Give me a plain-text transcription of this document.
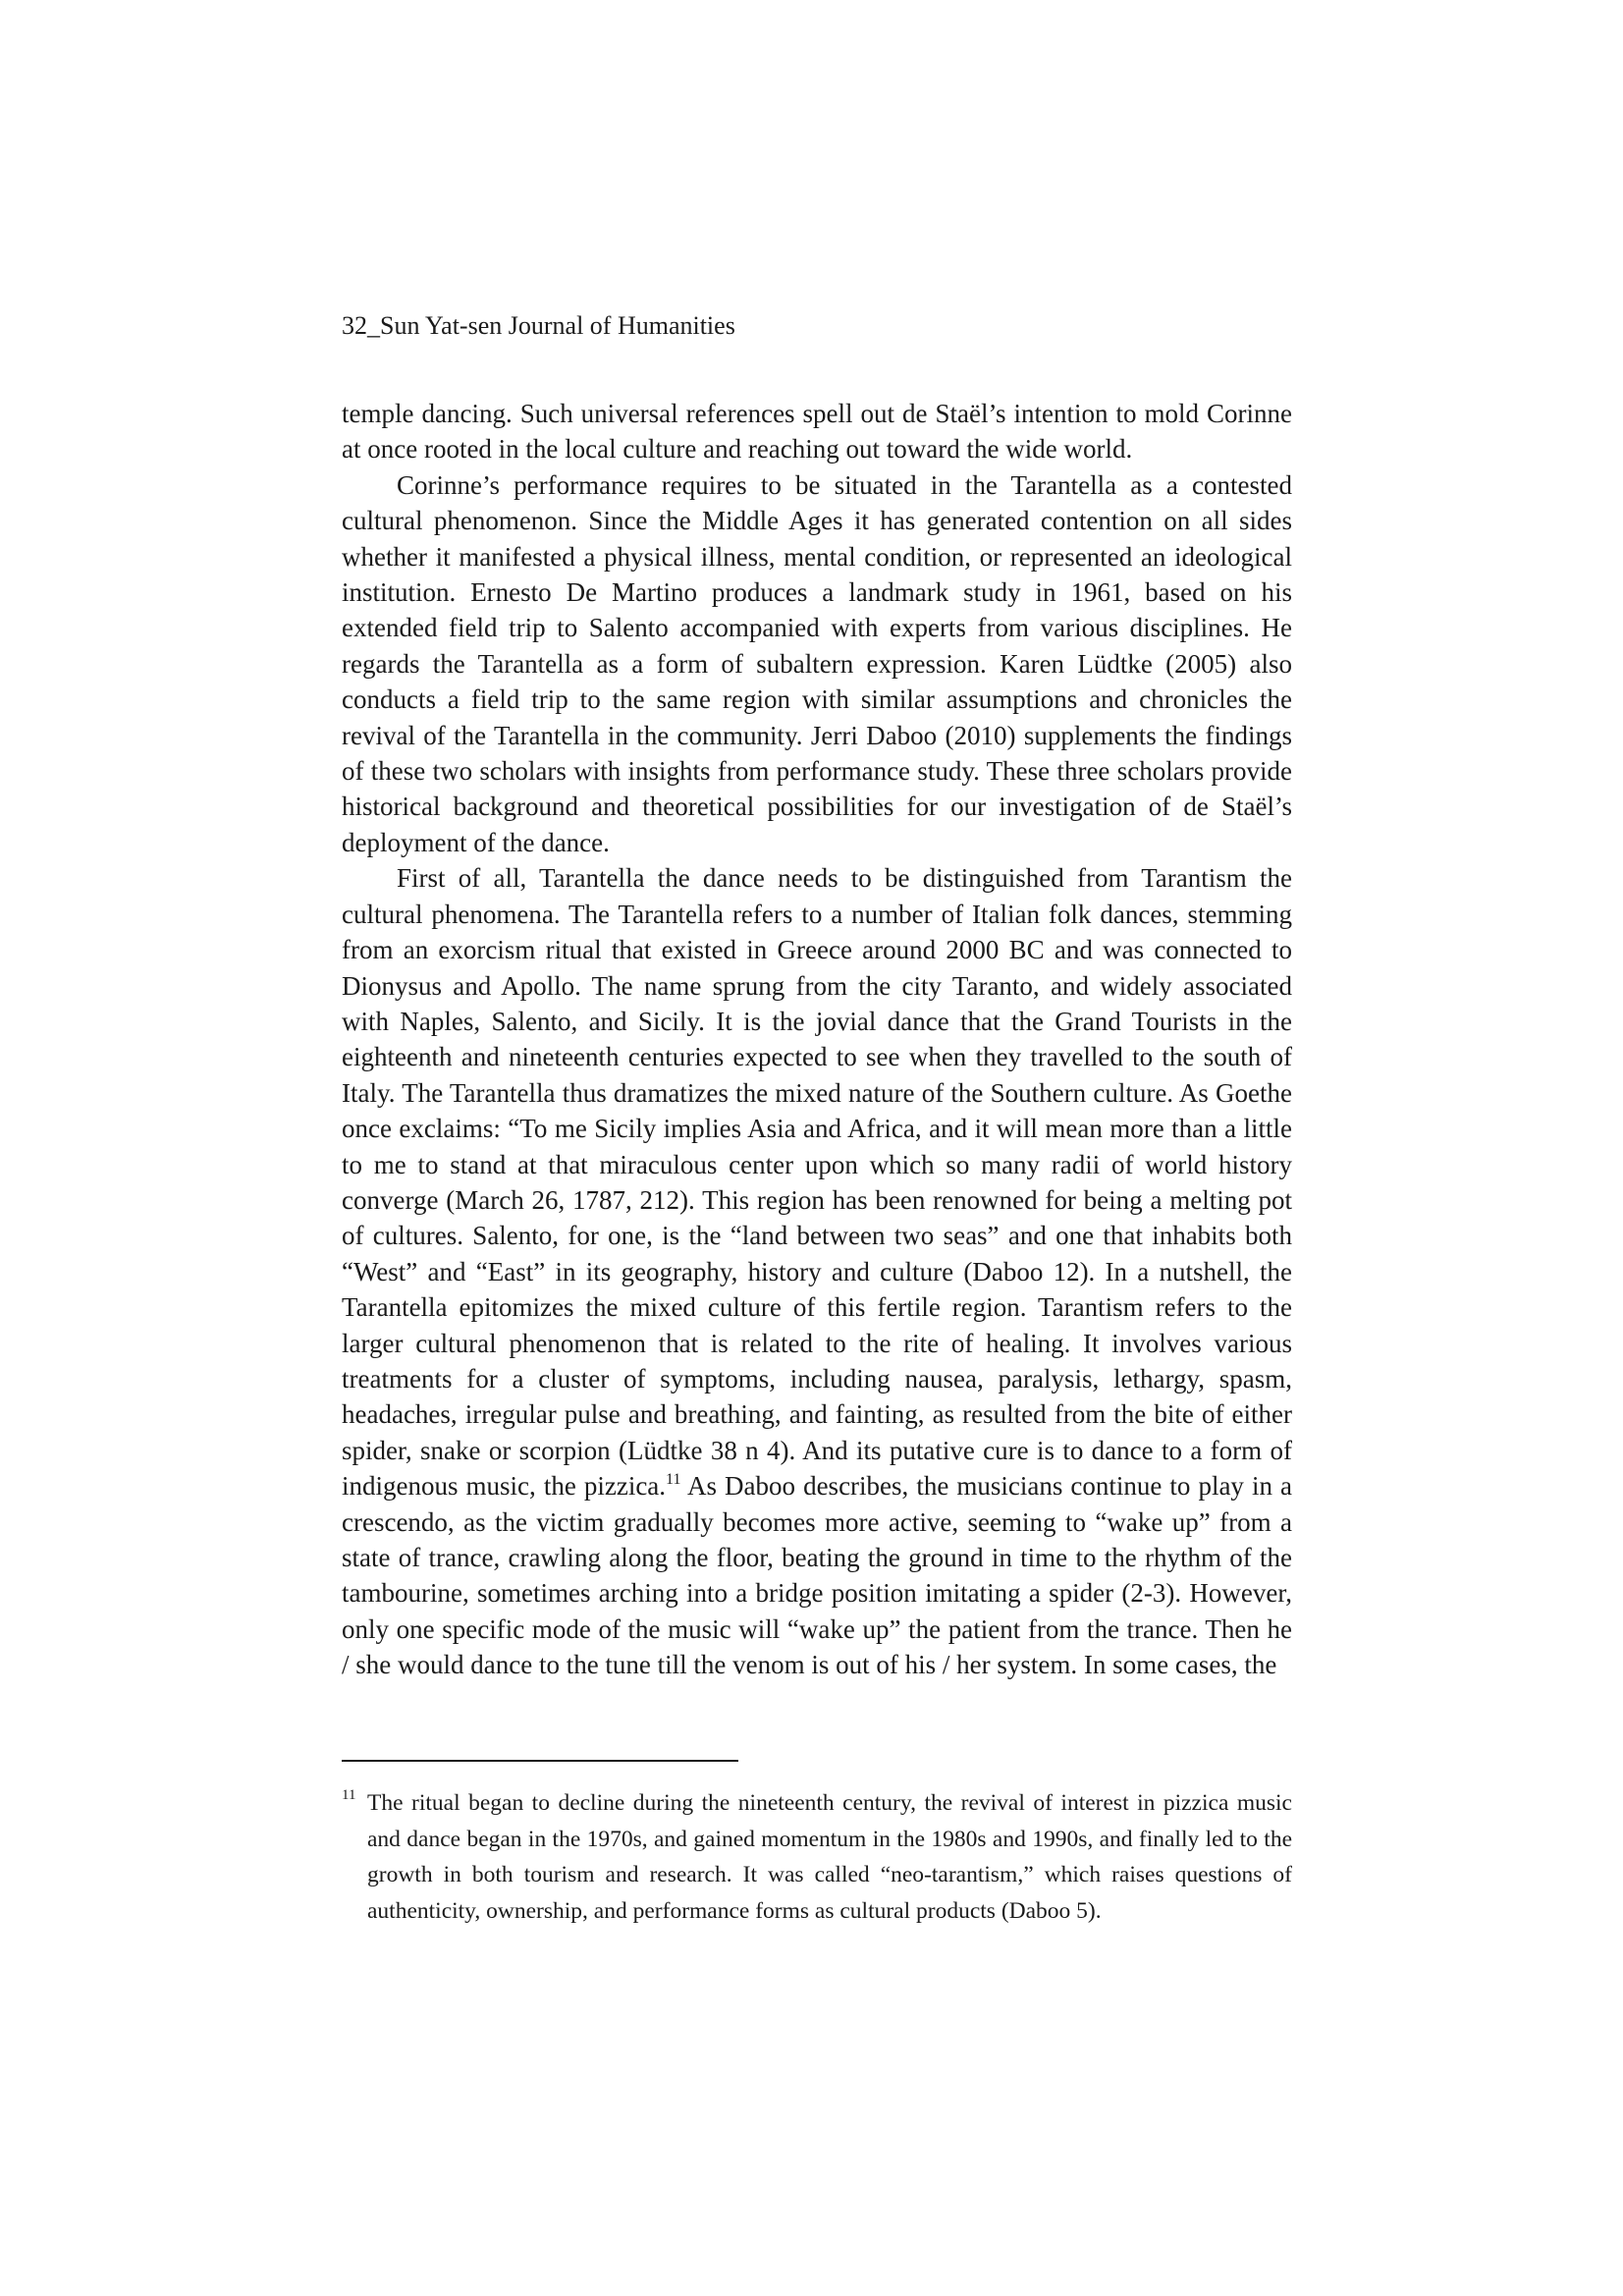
32_Sun Yat-sen Journal of Humanities

temple dancing. Such universal references spell out de Staël’s intention to mold Corinne at once rooted in the local culture and reaching out toward the wide world.

Corinne’s performance requires to be situated in the Tarantella as a contested cultural phenomenon. Since the Middle Ages it has generated contention on all sides whether it manifested a physical illness, mental condition, or represented an ideological institution. Ernesto De Martino produces a landmark study in 1961, based on his extended field trip to Salento accompanied with experts from various disciplines. He regards the Tarantella as a form of subaltern expression. Karen Lüdtke (2005) also conducts a field trip to the same region with similar assumptions and chronicles the revival of the Tarantella in the community. Jerri Daboo (2010) supplements the findings of these two scholars with insights from performance study. These three scholars provide historical background and theoretical possibilities for our investigation of de Staël’s deployment of the dance.

First of all, Tarantella the dance needs to be distinguished from Tarantism the cultural phenomena. The Tarantella refers to a number of Italian folk dances, stemming from an exorcism ritual that existed in Greece around 2000 BC and was connected to Dionysus and Apollo. The name sprung from the city Taranto, and widely associated with Naples, Salento, and Sicily. It is the jovial dance that the Grand Tourists in the eighteenth and nineteenth centuries expected to see when they travelled to the south of Italy. The Tarantella thus dramatizes the mixed nature of the Southern culture. As Goethe once exclaims: “To me Sicily implies Asia and Africa, and it will mean more than a little to me to stand at that miraculous center upon which so many radii of world history converge (March 26, 1787, 212). This region has been renowned for being a melting pot of cultures. Salento, for one, is the “land between two seas” and one that inhabits both “West” and “East” in its geography, history and culture (Daboo 12). In a nutshell, the Tarantella epitomizes the mixed culture of this fertile region. Tarantism refers to the larger cultural phenomenon that is related to the rite of healing. It involves various treatments for a cluster of symptoms, including nausea, paralysis, lethargy, spasm, headaches, irregular pulse and breathing, and fainting, as resulted from the bite of either spider, snake or scorpion (Lüdtke 38 n 4). And its putative cure is to dance to a form of indigenous music, the pizzica.$^{11}$ As Daboo describes, the musicians continue to play in a crescendo, as the victim gradually becomes more active, seeming to “wake up” from a state of trance, crawling along the floor, beating the ground in time to the rhythm of the tambourine, sometimes arching into a bridge position imitating a spider (2-3). However, only one specific mode of the music will “wake up” the patient from the trance. Then he / she would dance to the tune till the venom is out of his / her system. In some cases, the

11 The ritual began to decline during the nineteenth century, the revival of interest in pizzica music and dance began in the 1970s, and gained momentum in the 1980s and 1990s, and finally led to the growth in both tourism and research. It was called “neo-tarantism,” which raises questions of authenticity, ownership, and performance forms as cultural products (Daboo 5).
